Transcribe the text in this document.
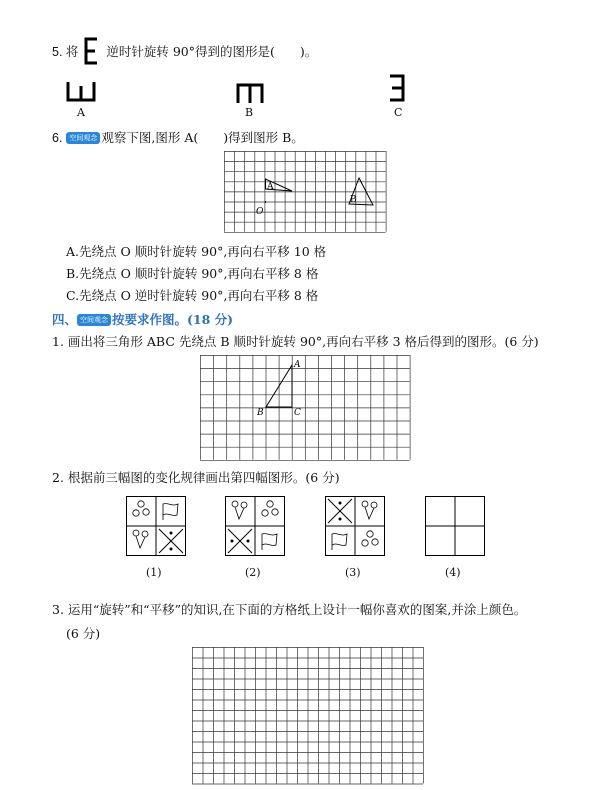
5. 将 逆时针旋转 90°得到的图形是(　　)。
A	B	C
6. 空间观念 观察下图,图形 A(　　)得到图形 B。
A
B
O
A.先绕点 O 顺时针旋转 90°,再向右平移 10 格
B.先绕点 O 顺时针旋转 90°,再向右平移 8 格
C.先绕点 O 逆时针旋转 90°,再向右平移 8 格
四、 空间观念 按要求作图。(18 分)
1. 画出将三角形 ABC 先绕点 B 顺时针旋转 90°,再向右平移 3 格后得到的图形。(6 分)
A
B	C
2. 根据前三幅图的变化规律画出第四幅图形。(6 分)
(1)	(2)	(3)	(4)
3. 运用“旋转”和“平移”的知识,在下面的方格纸上设计一幅你喜欢的图案,并涂上颜色。
(6 分)
